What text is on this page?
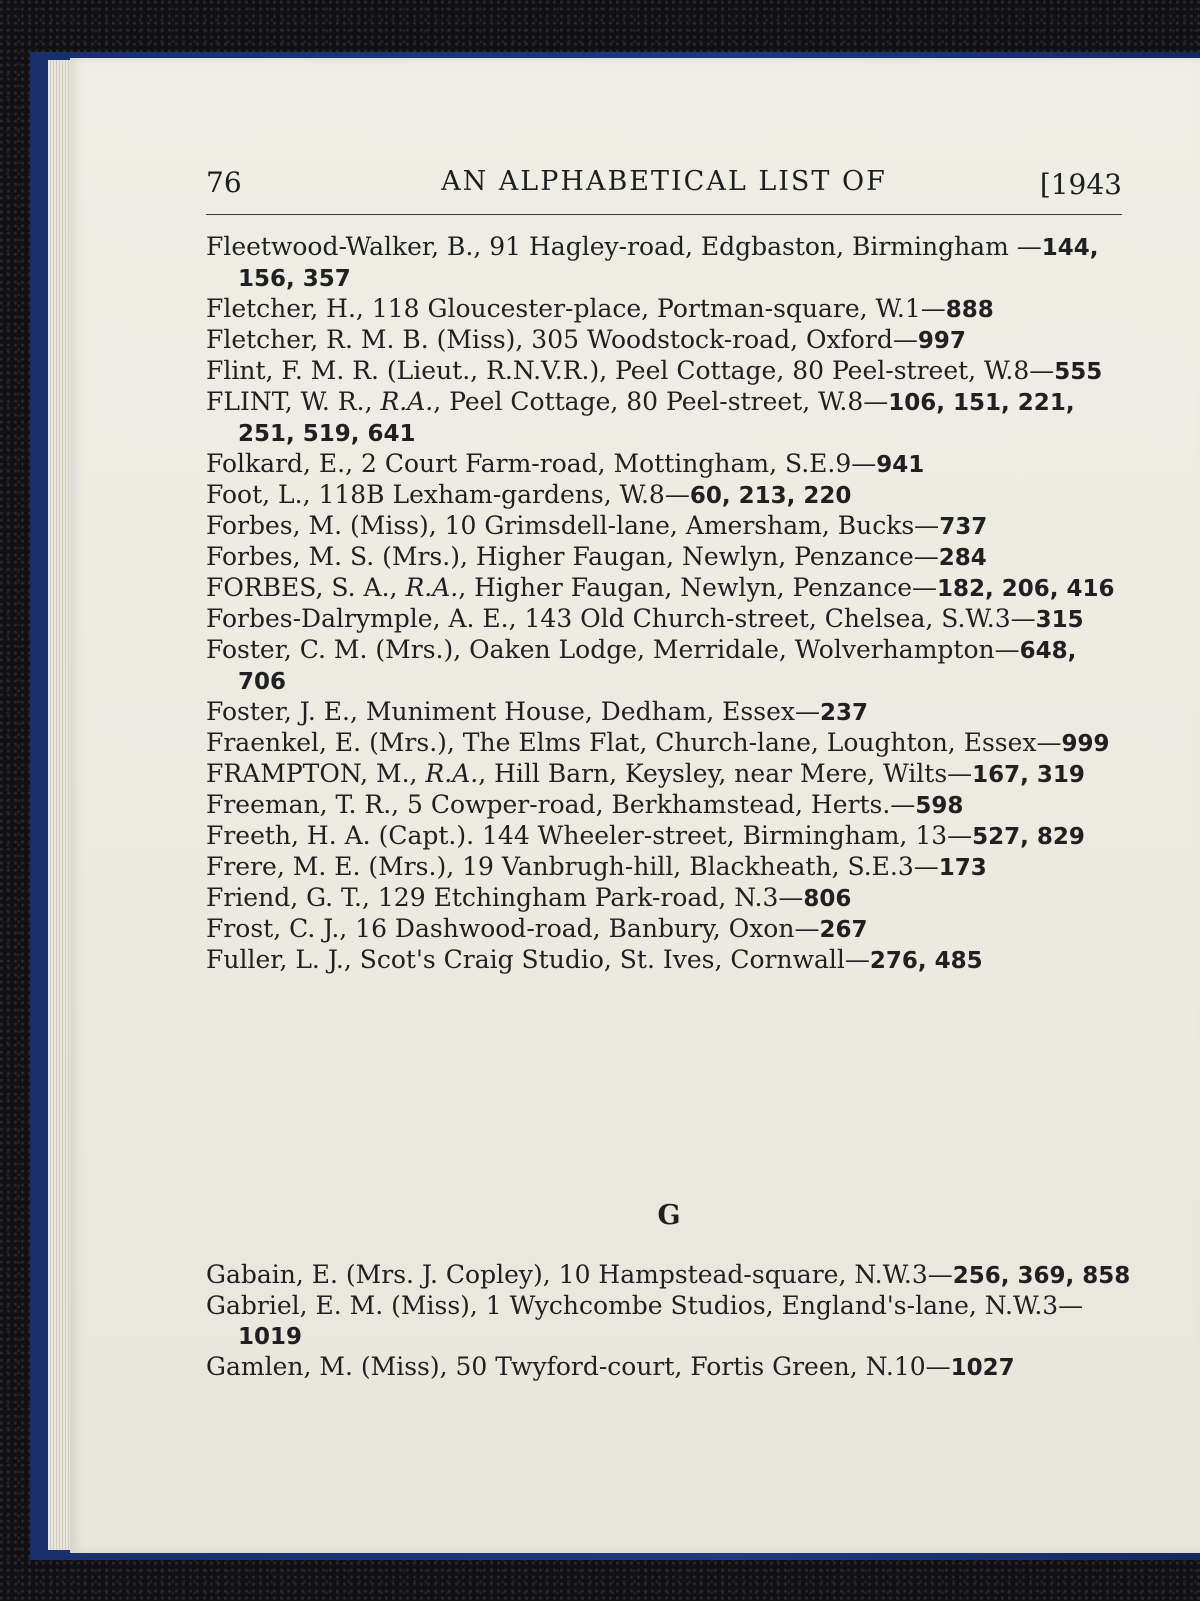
76	AN ALPHABETICAL LIST OF	[1943

Fleetwood-Walker, B., 91 Hagley-road, Edgbaston, Birmingham —144, 156, 357

Fletcher, H., 118 Gloucester-place, Portman-square, W.1—888

Fletcher, R. M. B. (Miss), 305 Woodstock-road, Oxford—997

Flint, F. M. R. (Lieut., R.N.V.R.), Peel Cottage, 80 Peel-street, W.8—555

FLINT, W. R., R.A., Peel Cottage, 80 Peel-street, W.8—106, 151, 221, 251, 519, 641

Folkard, E., 2 Court Farm-road, Mottingham, S.E.9—941

Foot, L., 118B Lexham-gardens, W.8—60, 213, 220

Forbes, M. (Miss), 10 Grimsdell-lane, Amersham, Bucks—737

Forbes, M. S. (Mrs.), Higher Faugan, Newlyn, Penzance—284

FORBES, S. A., R.A., Higher Faugan, Newlyn, Penzance—182, 206, 416

Forbes-Dalrymple, A. E., 143 Old Church-street, Chelsea, S.W.3—315

Foster, C. M. (Mrs.), Oaken Lodge, Merridale, Wolverhampton—648, 706

Foster, J. E., Muniment House, Dedham, Essex—237

Fraenkel, E. (Mrs.), The Elms Flat, Church-lane, Loughton, Essex—999

FRAMPTON, M., R.A., Hill Barn, Keysley, near Mere, Wilts—167, 319

Freeman, T. R., 5 Cowper-road, Berkhamstead, Herts.—598

Freeth, H. A. (Capt.). 144 Wheeler-street, Birmingham, 13—527, 829

Frere, M. E. (Mrs.), 19 Vanbrugh-hill, Blackheath, S.E.3—173

Friend, G. T., 129 Etchingham Park-road, N.3—806

Frost, C. J., 16 Dashwood-road, Banbury, Oxon—267

Fuller, L. J., Scot's Craig Studio, St. Ives, Cornwall—276, 485

G

Gabain, E. (Mrs. J. Copley), 10 Hampstead-square, N.W.3—256, 369, 858

Gabriel, E. M. (Miss), 1 Wychcombe Studios, England's-lane, N.W.3—1019

Gamlen, M. (Miss), 50 Twyford-court, Fortis Green, N.10—1027
